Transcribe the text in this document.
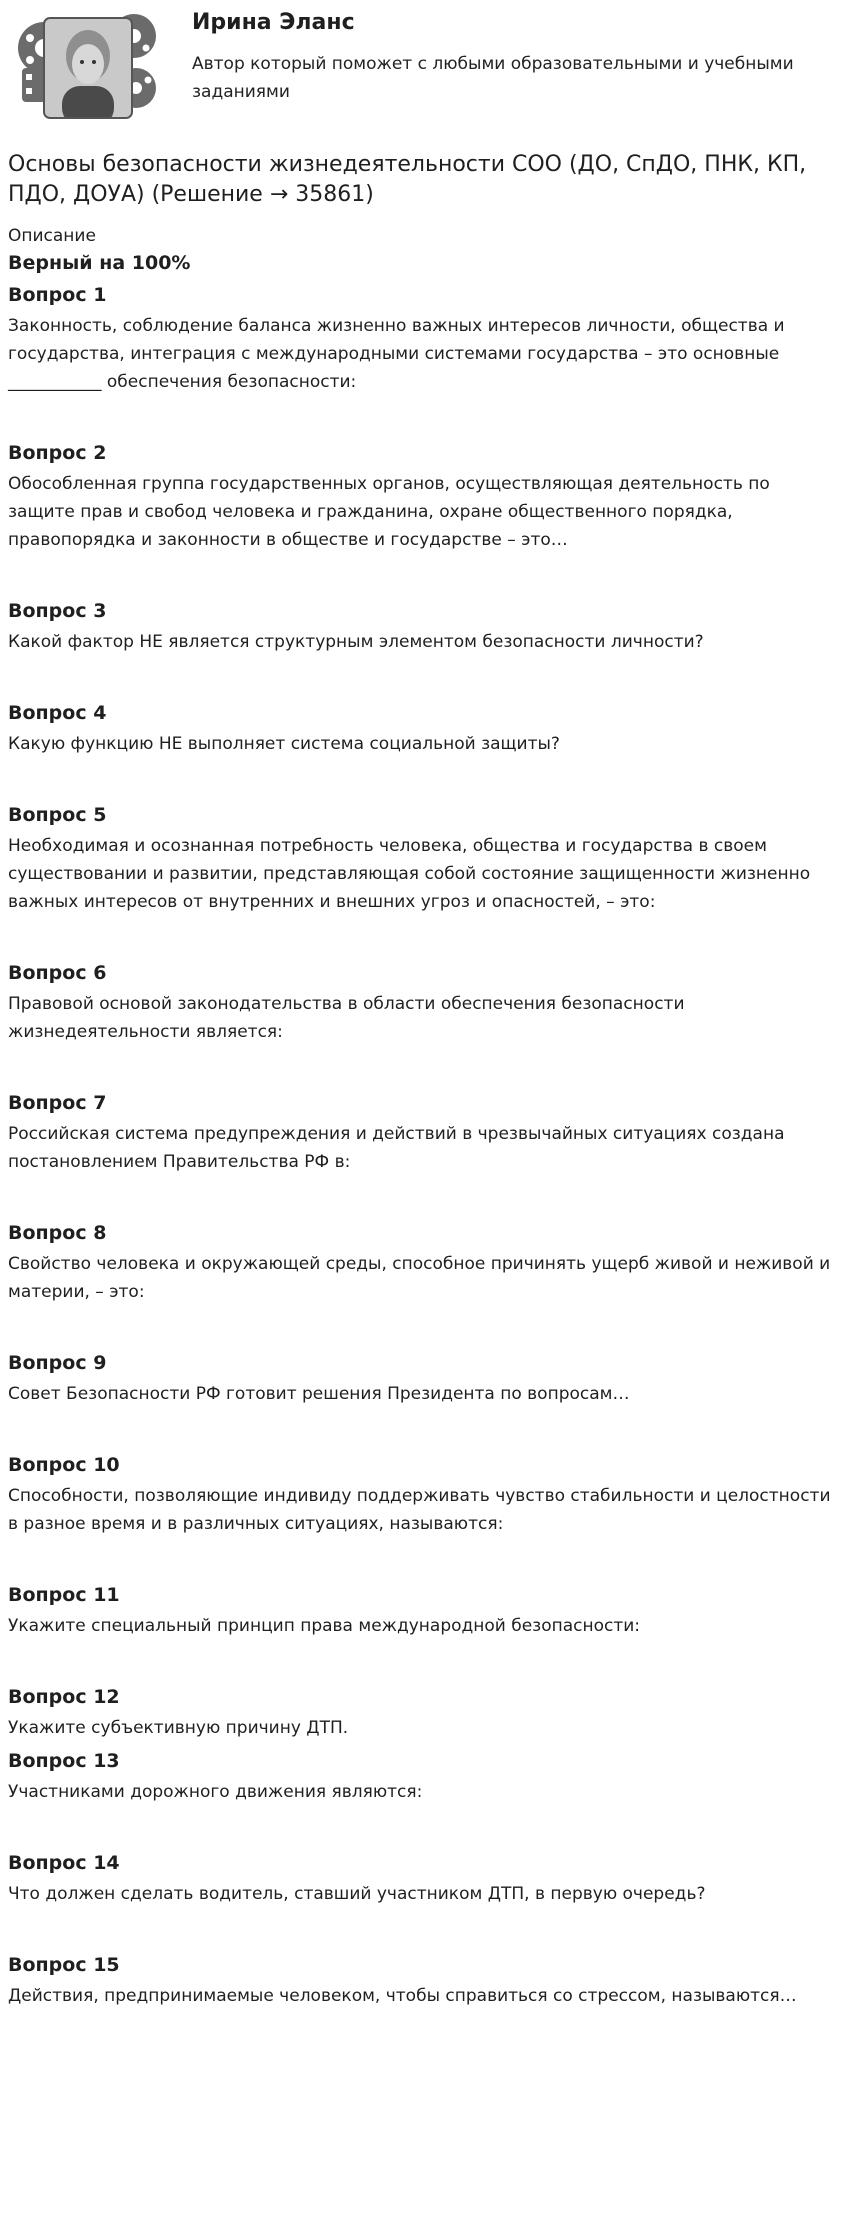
Ирина Эланс

Автор который поможет с любыми образовательными и учебными заданиями

Основы безопасности жизнедеятельности СОО (ДО, СпДО, ПНК, КП, ПДО, ДОУА) (Решение → 35861)

Описание

Верный на 100%

Вопрос 1

Законность, соблюдение баланса жизненно важных интересов личности, общества и государства, интеграция с международными системами государства – это основные ___________ обеспечения безопасности:

Вопрос 2

Обособленная группа государственных органов, осуществляющая деятельность по защите прав и свобод человека и гражданина, охране общественного порядка, правопорядка и законности в обществе и государстве – это…

Вопрос 3

Какой фактор НЕ является структурным элементом безопасности личности?

Вопрос 4

Какую функцию НЕ выполняет система социальной защиты?

Вопрос 5

Необходимая и осознанная потребность человека, общества и государства в своем существовании и развитии, представляющая собой состояние защищенности жизненно важных интересов от внутренних и внешних угроз и опасностей, – это:

Вопрос 6

Правовой основой законодательства в области обеспечения безопасности жизнедеятельности является:

Вопрос 7

Российская система предупреждения и действий в чрезвычайных ситуациях создана постановлением Правительства РФ в:

Вопрос 8

Свойство человека и окружающей среды, способное причинять ущерб живой и неживой и материи, – это:

Вопрос 9

Совет Безопасности РФ готовит решения Президента по вопросам…

Вопрос 10

Способности, позволяющие индивиду поддерживать чувство стабильности и целостности в разное время и в различных ситуациях, называются:

Вопрос 11

Укажите специальный принцип права международной безопасности:

Вопрос 12

Укажите субъективную причину ДТП.

Вопрос 13

Участниками дорожного движения являются:

Вопрос 14

Что должен сделать водитель, ставший участником ДТП, в первую очередь?

Вопрос 15

Действия, предпринимаемые человеком, чтобы справиться со стрессом, называются…
